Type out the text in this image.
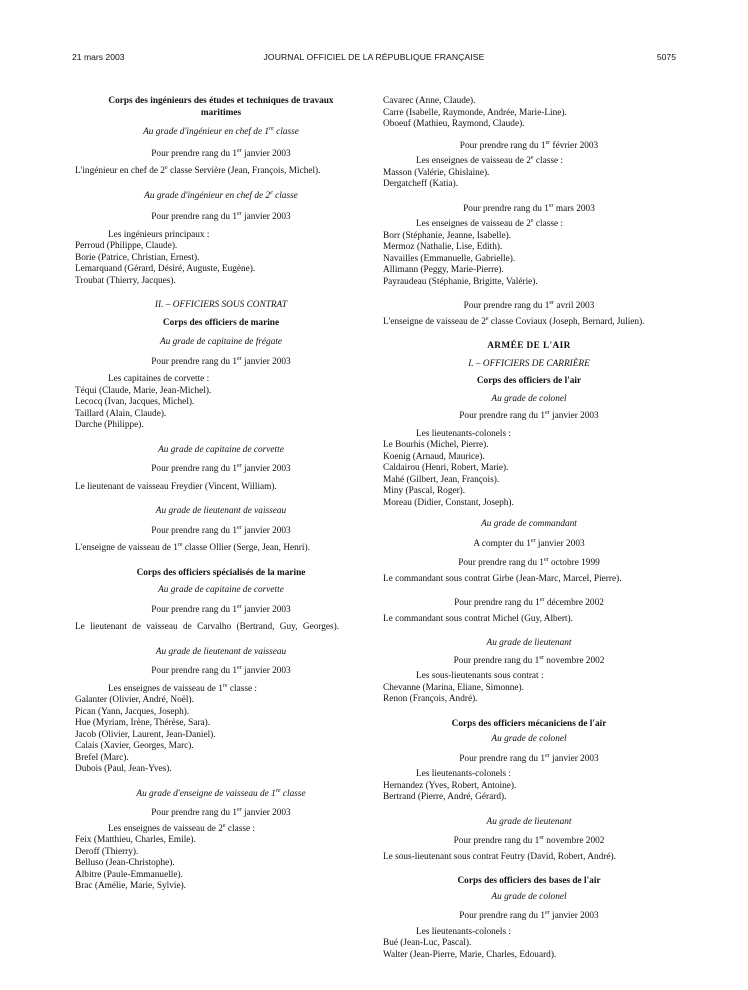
21 mars 2003	JOURNAL OFFICIEL DE LA RÉPUBLIQUE FRANÇAISE	5075

Corps des ingénieurs des études et techniques de travaux maritimes

Au grade d'ingénieur en chef de 1re classe

Pour prendre rang du 1er janvier 2003

L'ingénieur en chef de 2e classe Servière (Jean, François, Michel).

Au grade d'ingénieur en chef de 2e classe

Pour prendre rang du 1er janvier 2003

Les ingénieurs principaux :

Perroud (Philippe, Claude).

Borie (Patrice, Christian, Ernest).

Lemarquand (Gérard, Désiré, Auguste, Eugène).

Troubat (Thierry, Jacques).

II. – OFFICIERS SOUS CONTRAT

Corps des officiers de marine

Au grade de capitaine de frégate

Pour prendre rang du 1er janvier 2003

Les capitaines de corvette :

Téqui (Claude, Marie, Jean-Michel).

Lecocq (Ivan, Jacques, Michel).

Taillard (Alain, Claude).

Darche (Philippe).

Au grade de capitaine de corvette

Pour prendre rang du 1er janvier 2003

Le lieutenant de vaisseau Freydier (Vincent, William).

Au grade de lieutenant de vaisseau

Pour prendre rang du 1er janvier 2003

L'enseigne de vaisseau de 1re classe Ollier (Serge, Jean, Henri).

Corps des officiers spécialisés de la marine

Au grade de capitaine de corvette

Pour prendre rang du 1er janvier 2003

Le lieutenant de vaisseau de Carvalho (Bertrand, Guy, Georges).

Au grade de lieutenant de vaisseau

Pour prendre rang du 1er janvier 2003

Les enseignes de vaisseau de 1re classe :

Galanter (Olivier, André, Noël).

Pican (Yann, Jacques, Joseph).

Hue (Myriam, Irène, Thérèse, Sara).

Jacob (Olivier, Laurent, Jean-Daniel).

Calais (Xavier, Georges, Marc).

Brefel (Marc).

Dubois (Paul, Jean-Yves).

Au grade d'enseigne de vaisseau de 1re classe

Pour prendre rang du 1er janvier 2003

Les enseignes de vaisseau de 2e classe :

Feix (Matthieu, Charles, Emile).

Deroff (Thierry).

Belluso (Jean-Christophe).

Albitre (Paule-Emmanuelle).

Brac (Amélie, Marie, Sylvie).

Cavarec (Anne, Claude).

Carre (Isabelle, Raymonde, Andrée, Marie-Line).

Oboeuf (Mathieu, Raymond, Claude).

Pour prendre rang du 1er février 2003

Les enseignes de vaisseau de 2e classe :

Masson (Valérie, Ghislaine).

Dergatcheff (Katia).

Pour prendre rang du 1er mars 2003

Les enseignes de vaisseau de 2e classe :

Borr (Stéphanie, Jeanne, Isabelle).

Mermoz (Nathalie, Lise, Edith).

Navailles (Emmanuelle, Gabrielle).

Allimann (Peggy, Marie-Pierre).

Payraudeau (Stéphanie, Brigitte, Valérie).

Pour prendre rang du 1er avril 2003

L'enseigne de vaisseau de 2e classe Coviaux (Joseph, Bernard, Julien).

ARMÉE DE L'AIR

I. – OFFICIERS DE CARRIÈRE

Corps des officiers de l'air

Au grade de colonel

Pour prendre rang du 1er janvier 2003

Les lieutenants-colonels :

Le Bourhis (Michel, Pierre).

Koenig (Arnaud, Maurice).

Caldairou (Henri, Robert, Marie).

Mahé (Gilbert, Jean, François).

Miny (Pascal, Roger).

Moreau (Didier, Constant, Joseph).

Au grade de commandant

A compter du 1er janvier 2003

Pour prendre rang du 1er octobre 1999

Le commandant sous contrat Girbe (Jean-Marc, Marcel, Pierre).

Pour prendre rang du 1er décembre 2002

Le commandant sous contrat Michel (Guy, Albert).

Au grade de lieutenant

Pour prendre rang du 1er novembre 2002

Les sous-lieutenants sous contrat :

Chevanne (Marina, Eliane, Simonne).

Renon (François, André).

Corps des officiers mécaniciens de l'air

Au grade de colonel

Pour prendre rang du 1er janvier 2003

Les lieutenants-colonels :

Hernandez (Yves, Robert, Antoine).

Bertrand (Pierre, André, Gérard).

Au grade de lieutenant

Pour prendre rang du 1er novembre 2002

Le sous-lieutenant sous contrat Feutry (David, Robert, André).

Corps des officiers des bases de l'air

Au grade de colonel

Pour prendre rang du 1er janvier 2003

Les lieutenants-colonels :

Bué (Jean-Luc, Pascal).

Walter (Jean-Pierre, Marie, Charles, Edouard).
